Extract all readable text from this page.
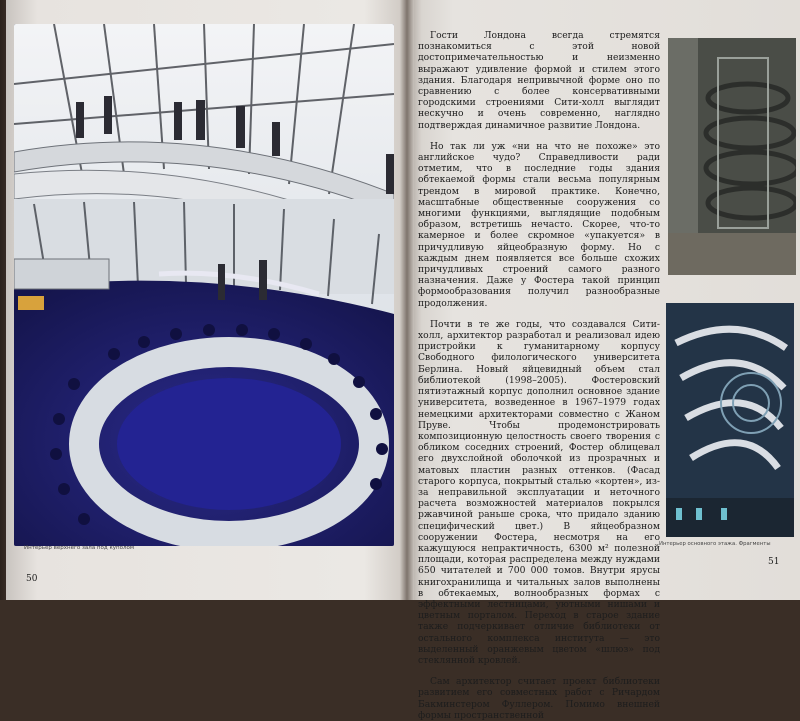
Интерьер верхнего зала под куполом
50

Гости Лондона всегда стремятся познакомиться с этой новой достопримечательностью и неизменно выражают удивление формой и стилем этого здания. Благодаря непривычной форме оно по сравнению с более консервативными городскими строениями Сити-холл выглядит нескучно и очень современно, наглядно подтверждая динамичное развитие Лондона.

Но так ли уж «ни на что не похоже» это английское чудо? Справедливости ради отметим, что в последние годы здания обтекаемой формы стали весьма популярным трендом в мировой практике. Конечно, масштабные общественные сооружения со многими функциями, выглядящие подобным образом, встретишь нечасто. Скорее, что-то камерное и более скромное «упакуется» в причудливую яйцеобразную форму. Но с каждым днем появляется все больше схожих причудливых строений самого разного назначения. Даже у Фостера такой принцип формообразования получил разнообразные продолжения.

Почти в те же годы, что создавался Сити-холл, архитектор разработал и реализовал идею пристройки к гуманитарному корпусу Свободного филологического университета Берлина. Новый яйцевидный объем стал библиотекой (1998–2005). Фостеровский пятиэтажный корпус дополнил основное здание университета, возведенное в 1967–1979 годах немецкими архитекторами совместно с Жаном Пруве. Чтобы продемонстрировать композиционную целостность своего творения с обликом соседних строений, Фостер облицевал его двухслойной оболочкой из прозрачных и матовых пластин разных оттенков. (Фасад старого корпуса, покрытый сталью «кортен», из-за неправильной эксплуатации и неточного расчета возможностей материалов покрылся ржавчиной раньше срока, что придало зданию специфический цвет.) В яйцеобразном сооружении Фостера, несмотря на его кажущуюся непрактичность, 6300 м² полезной площади, которая распределена между нуждами 650 читателей и 700 000 томов. Внутри ярусы книгохранилища и читальных залов выполнены в обтекаемых, волнообразных формах с эффектными лестницами, уютными нишами и цветным порталом. Переход в старое здание также подчеркивает отличие библиотеки от остального комплекса института — это выделенный оранжевым цветом «шлюз» под стеклянной кровлей.

Сам архитектор считает проект библиотеки развитием его совместных работ с Ричардом Бакминстером Фуллером. Помимо внешней формы пространственной

Интерьер основного этажа. Фрагменты
51
